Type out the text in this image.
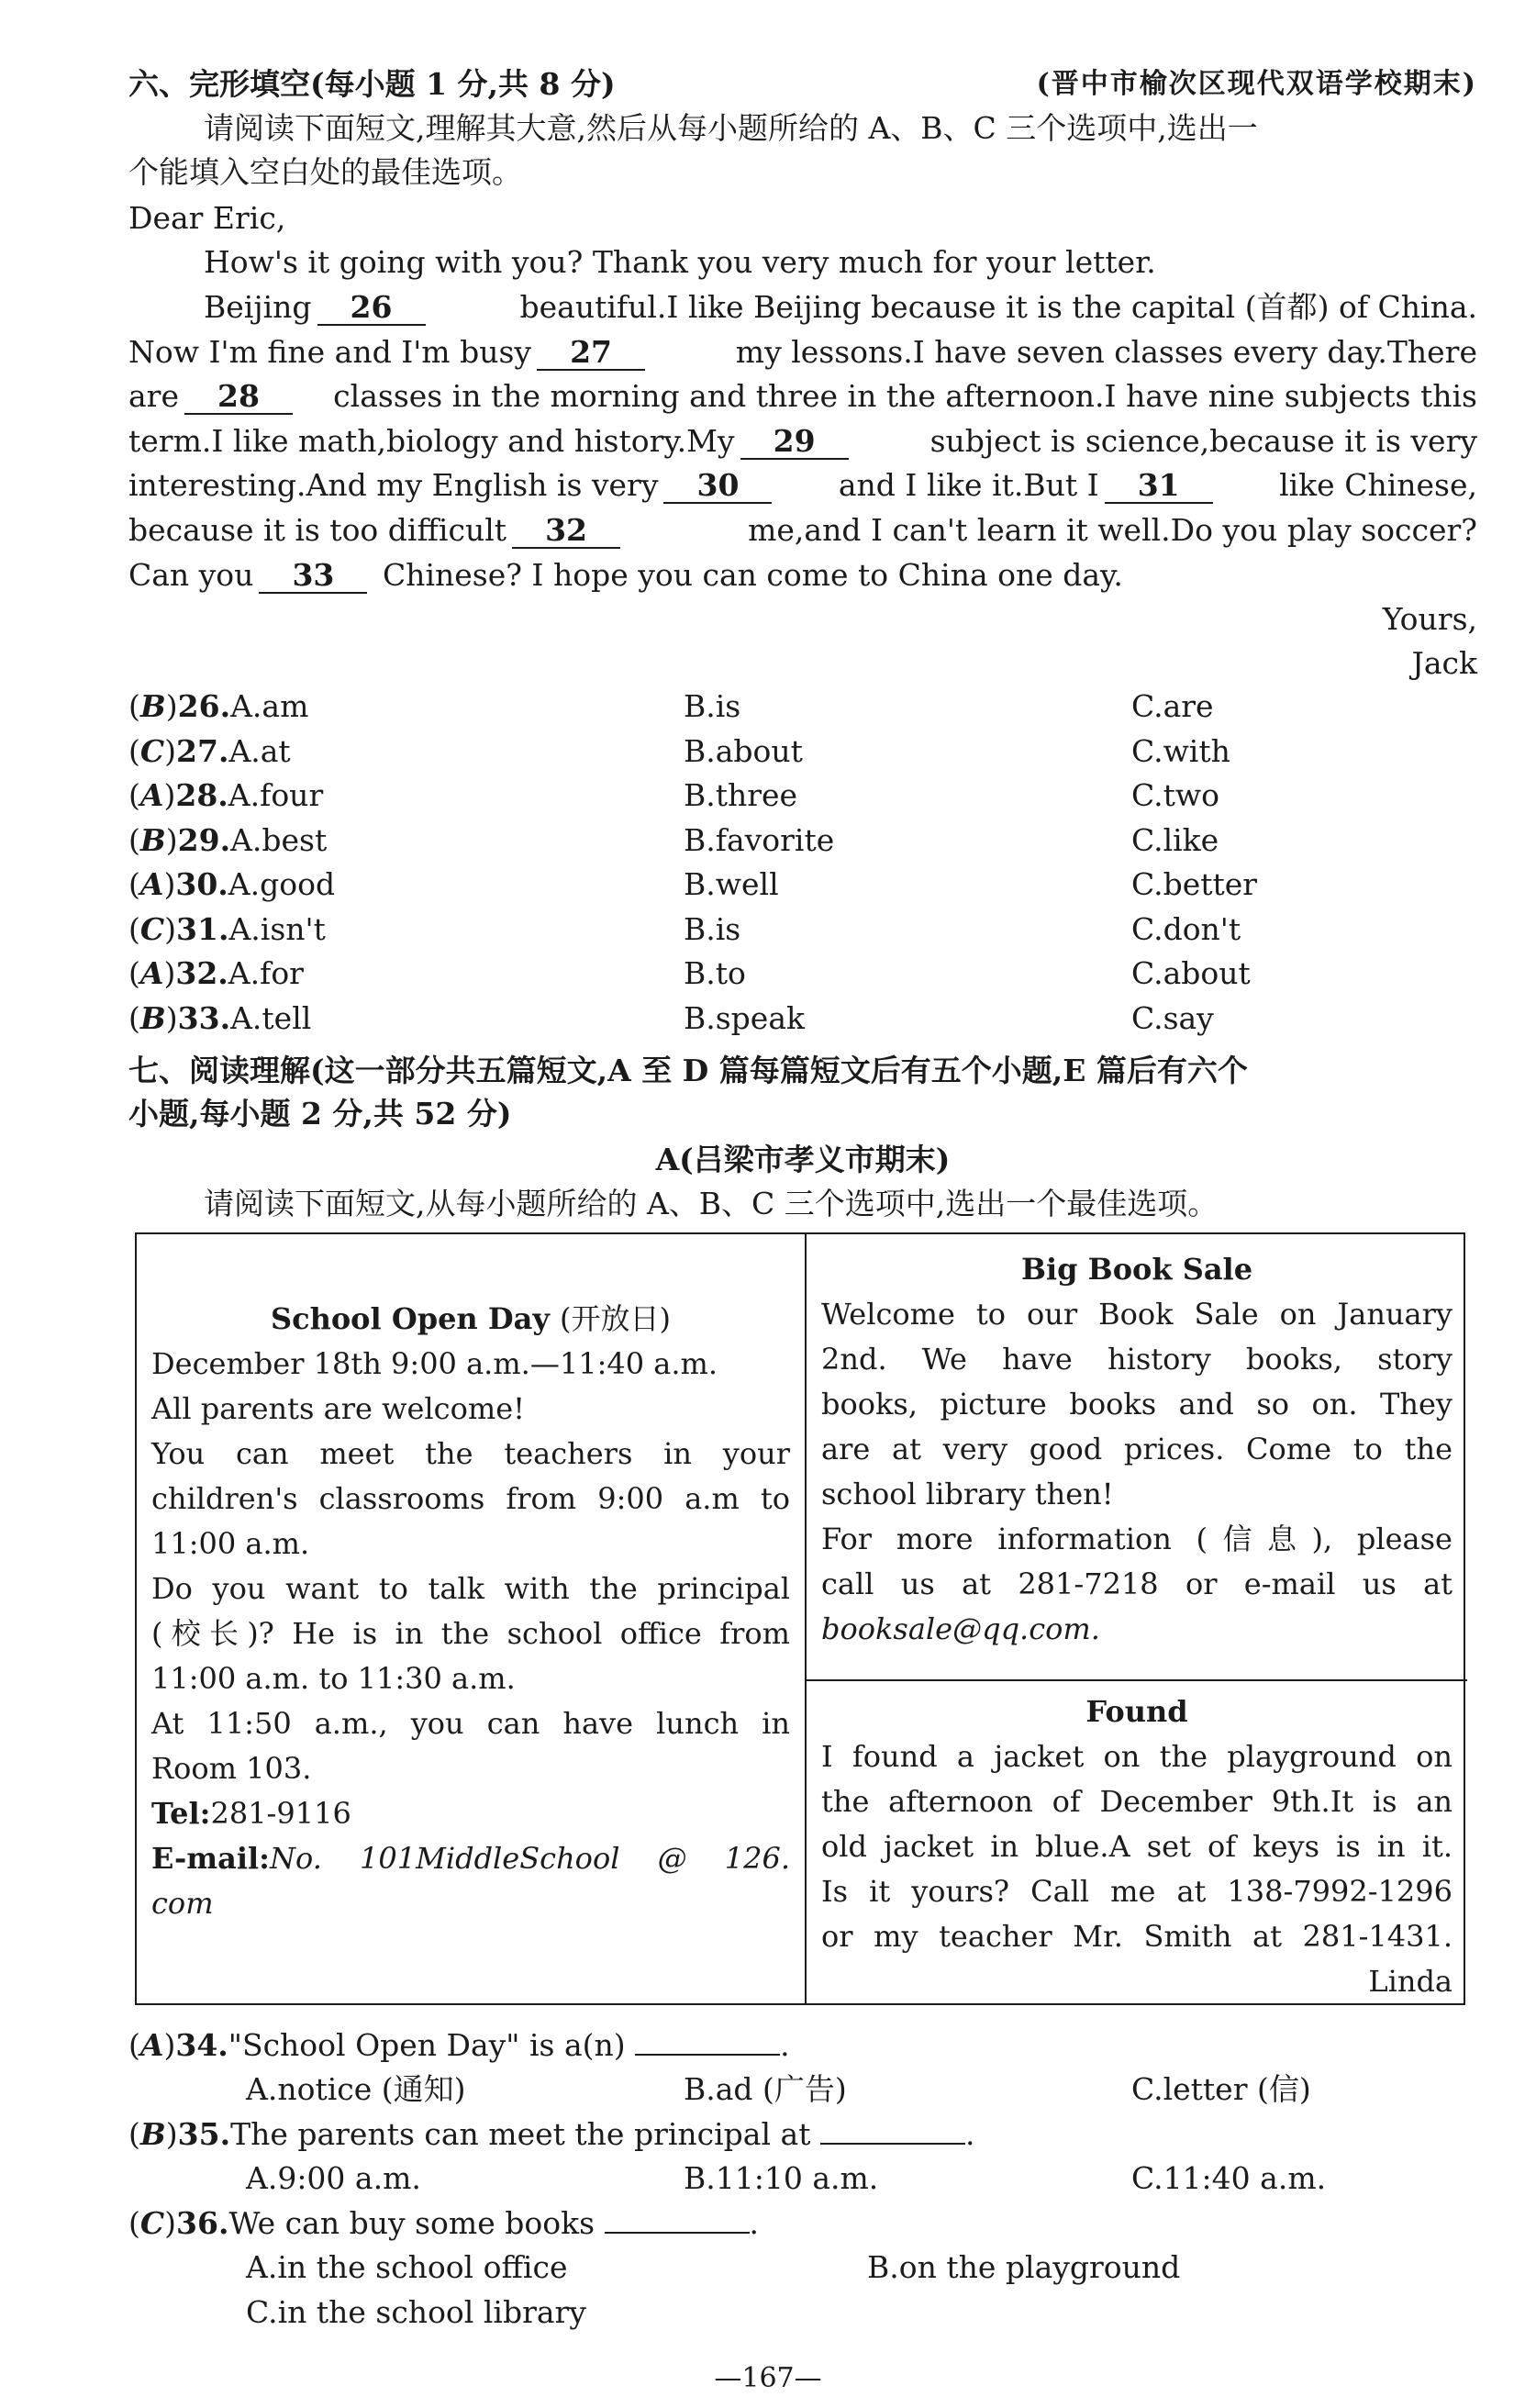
六、完形填空(每小题 1 分,共 8 分)	(晋中市榆次区现代双语学校期末)
请阅读下面短文,理解其大意,然后从每小题所给的 A、B、C 三个选项中,选出一
个能填入空白处的最佳选项。
Dear Eric,
How's it going with you? Thank you very much for your letter.
Beijing 26	beautiful.I like Beijing because it is the capital (首都) of China.
Now I'm fine and I'm busy 27	my lessons.I have seven classes every day.There
are 28	classes in the morning and three in the afternoon.I have nine subjects this
term.I like math,biology and history.My 29	subject is science,because it is very
interesting.And my English is very 30	and I like it.But I 31	like Chinese,
because it is too difficult 32	me,and I can't learn it well.Do you play soccer?
Can you 33 Chinese? I hope you can come to China one day.
Yours,
Jack
(B)26.A.am	B.is	C.are
(C)27.A.at	B.about	C.with
(A)28.A.four	B.three	C.two
(B)29.A.best	B.favorite	C.like
(A)30.A.good	B.well	C.better
(C)31.A.isn't	B.is	C.don't
(A)32.A.for	B.to	C.about
(B)33.A.tell	B.speak	C.say
七、阅读理解(这一部分共五篇短文,A 至 D 篇每篇短文后有五个小题,E 篇后有六个
小题,每小题 2 分,共 52 分)
A(吕梁市孝义市期末)
请阅读下面短文,从每小题所给的 A、B、C 三个选项中,选出一个最佳选项。
School Open Day (开放日)
December 18th 9:00 a.m.—11:40 a.m.
All parents are welcome!
You can meet the teachers in your
children's classrooms from 9:00 a.m to
11:00 a.m.
Do you want to talk with the principal
(校长)? He is in the school office from
11:00 a.m. to 11:30 a.m.
At 11:50 a.m., you can have lunch in
Room 103.
Tel:281-9116
E-mail:No. 101MiddleSchool @ 126.
com
Big Book Sale
Welcome to our Book Sale on January
2nd. We have history books, story
books, picture books and so on. They
are at very good prices. Come to the
school library then!
For more information (信息), please
call us at 281-7218 or e-mail us at
booksale@qq.com.
Found
I found a jacket on the playground on
the afternoon of December 9th.It is an
old jacket in blue.A set of keys is in it.
Is it yours? Call me at 138-7992-1296
or my teacher Mr. Smith at 281-1431.
Linda
(A)34."School Open Day" is a(n)	.
A.notice (通知)	B.ad (广告)	C.letter (信)
(B)35.The parents can meet the principal at	.
A.9:00 a.m.	B.11:10 a.m.	C.11:40 a.m.
(C)36.We can buy some books	.
A.in the school office	B.on the playground
C.in the school library
—167—
